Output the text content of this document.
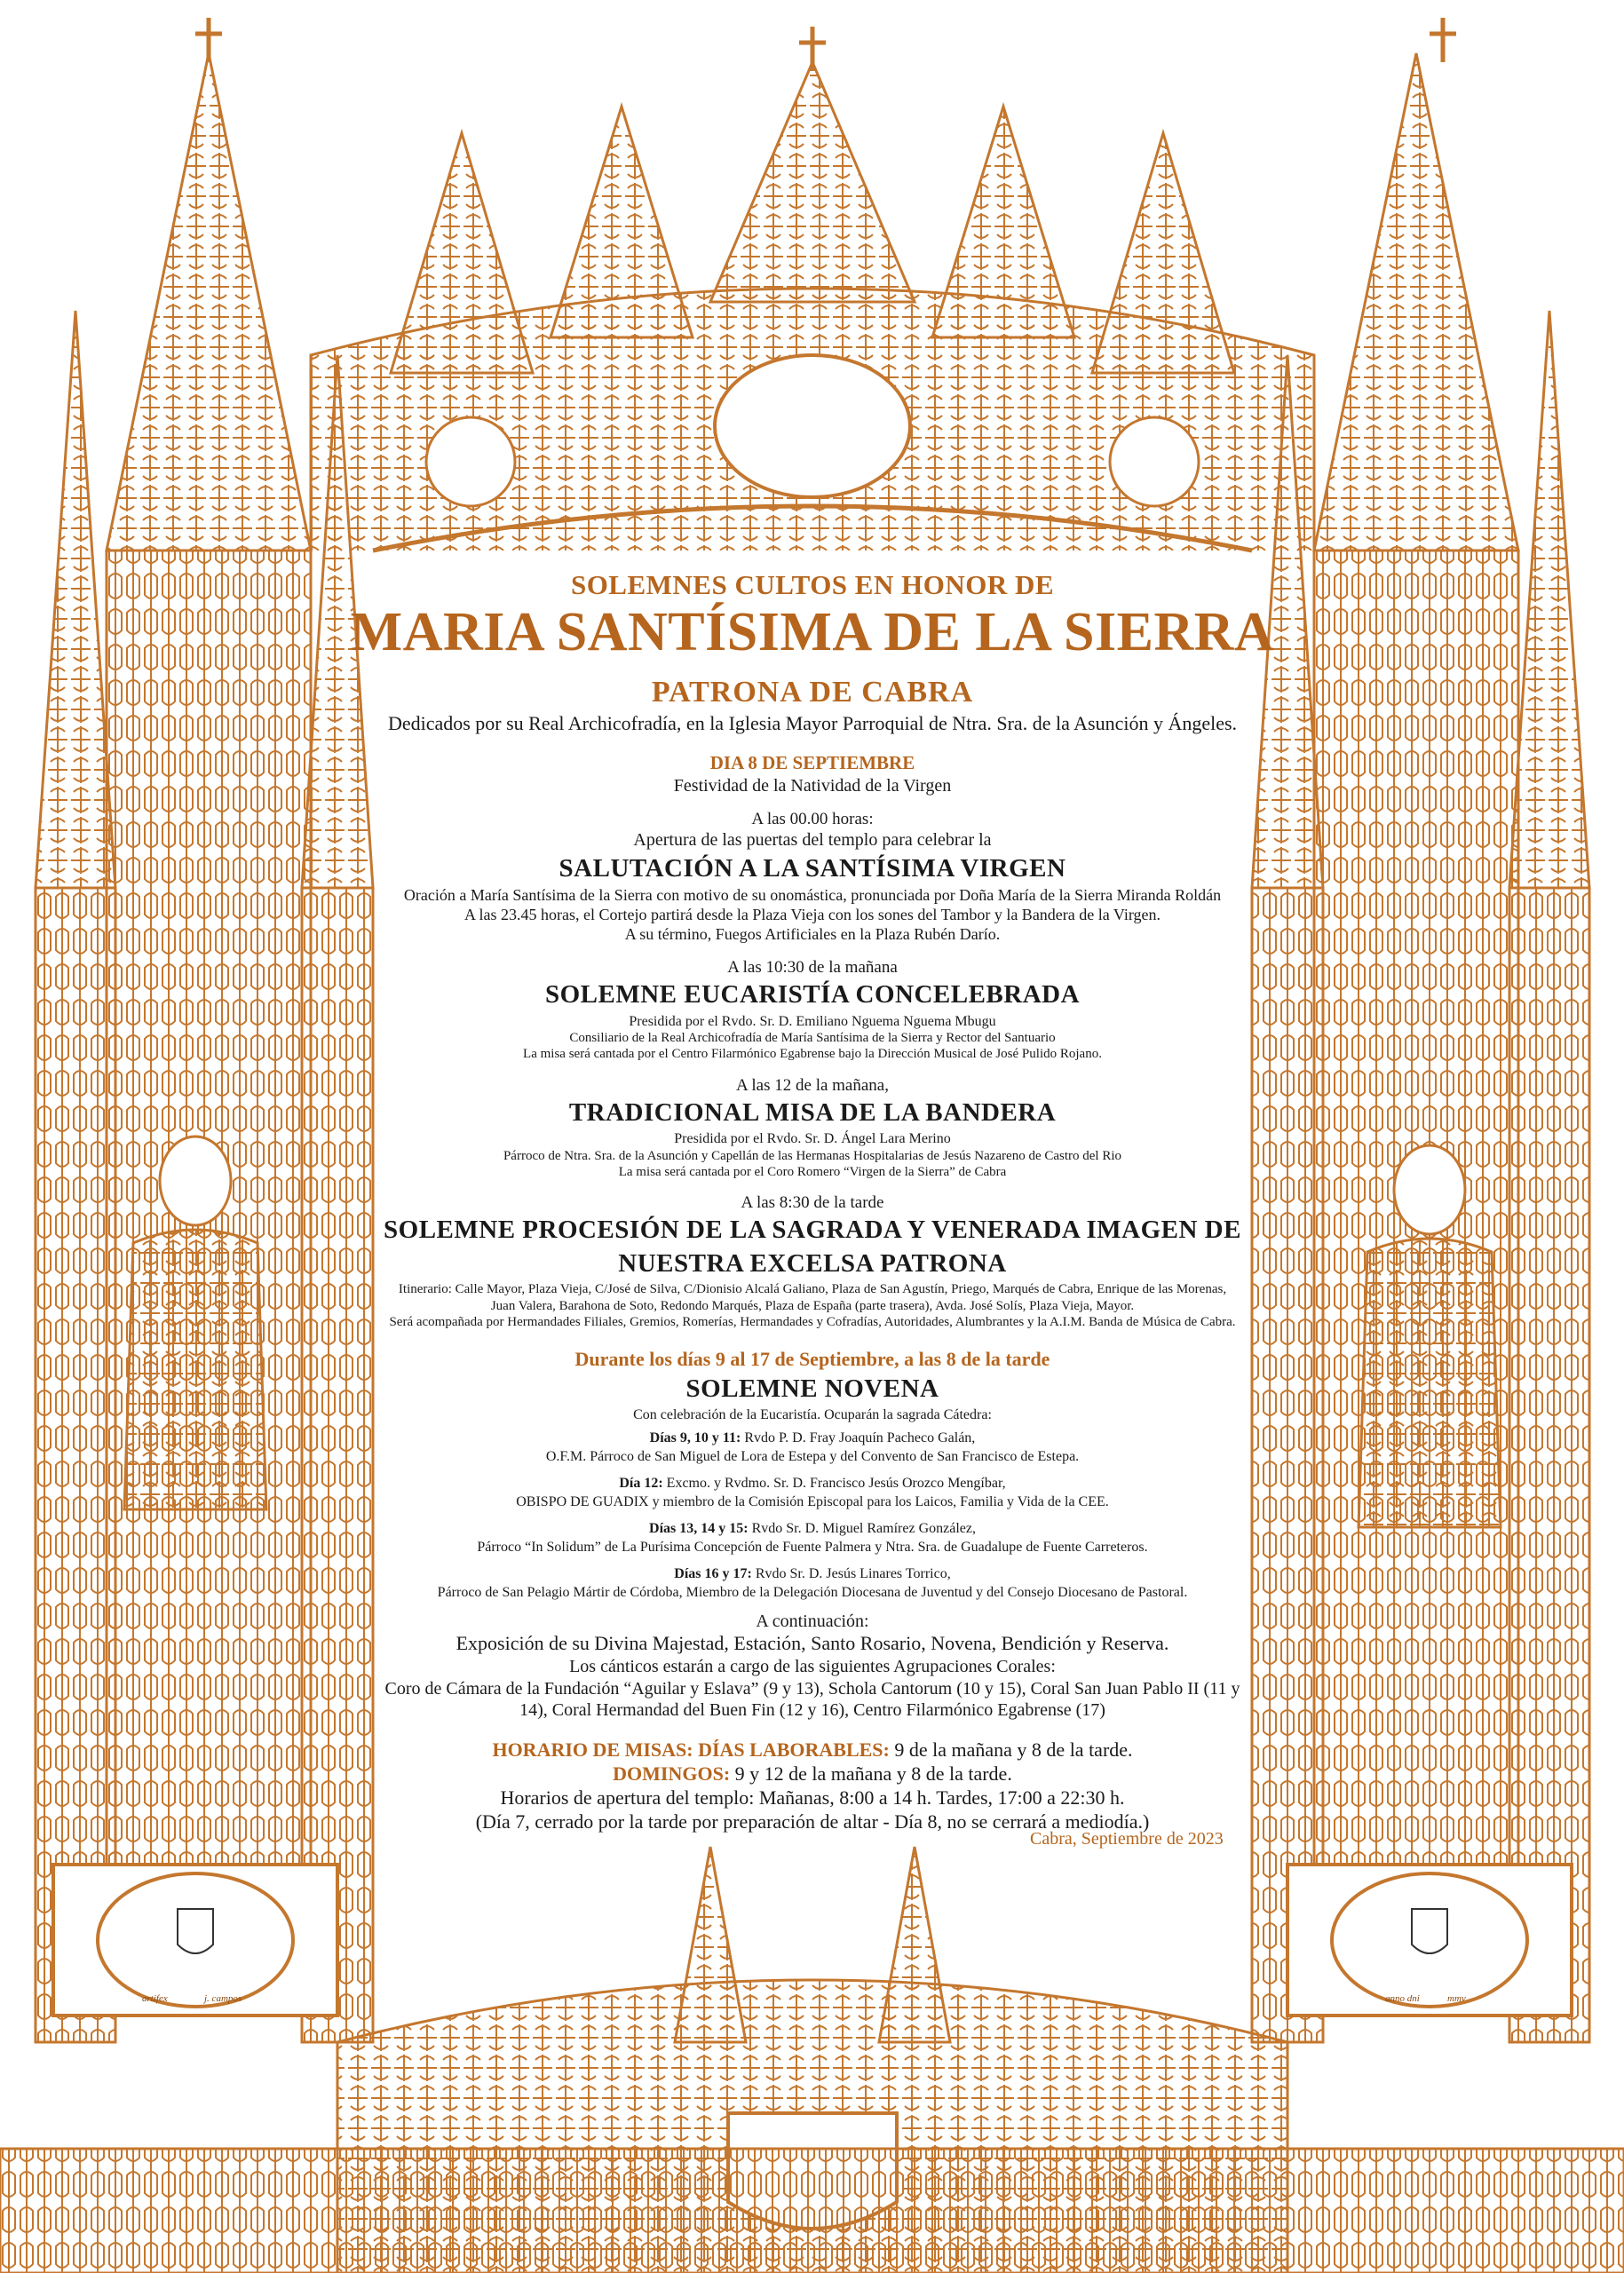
artifex	j. campos	anno dni	mmv

SOLEMNES CULTOS EN HONOR DE

MARIA SANTÍSIMA DE LA SIERRA

PATRONA DE CABRA

Dedicados por su Real Archicofradía, en la Iglesia Mayor Parroquial de Ntra. Sra. de la Asunción y Ángeles.

DIA 8 DE SEPTIEMBRE

Festividad de la Natividad de la Virgen

A las 00.00 horas:

Apertura de las puertas del templo para celebrar la

SALUTACIÓN A LA SANTÍSIMA VIRGEN

Oración a María Santísima de la Sierra con motivo de su onomástica, pronunciada por Doña María de la Sierra Miranda Roldán

A las 23.45 horas, el Cortejo partirá desde la Plaza Vieja con los sones del Tambor y la Bandera de la Virgen.

A su término, Fuegos Artificiales en la Plaza Rubén Darío.

A las 10:30 de la mañana

SOLEMNE EUCARISTÍA CONCELEBRADA

Presidida por el Rvdo. Sr. D. Emiliano Nguema Nguema Mbugu

Consiliario de la Real Archicofradía de María Santísima de la Sierra y Rector del Santuario

La misa será cantada por el Centro Filarmónico Egabrense bajo la Dirección Musical de José Pulido Rojano.

A las 12 de la mañana,

TRADICIONAL MISA DE LA BANDERA

Presidida por el Rvdo. Sr. D. Ángel Lara Merino

Párroco de Ntra. Sra. de la Asunción y Capellán de las Hermanas Hospitalarias de Jesús Nazareno de Castro del Rio

La misa será cantada por el Coro Romero “Virgen de la Sierra” de Cabra

A las 8:30 de la tarde

SOLEMNE PROCESIÓN DE LA SAGRADA Y VENERADA IMAGEN DE

NUESTRA EXCELSA PATRONA

Itinerario: Calle Mayor, Plaza Vieja, C/José de Silva, C/Dionisio Alcalá Galiano, Plaza de San Agustín, Priego, Marqués de Cabra, Enrique de las Morenas,

Juan Valera, Barahona de Soto, Redondo Marqués, Plaza de España (parte trasera), Avda. José Solís, Plaza Vieja, Mayor.

Será acompañada por Hermandades Filiales, Gremios, Romerías, Hermandades y Cofradías, Autoridades, Alumbrantes y la A.I.M. Banda de Música de Cabra.

Durante los días 9 al 17 de Septiembre, a las 8 de la tarde

SOLEMNE NOVENA

Con celebración de la Eucaristía. Ocuparán la sagrada Cátedra:

Días 9, 10 y 11: Rvdo P. D. Fray Joaquín Pacheco Galán,

O.F.M. Párroco de San Miguel de Lora de Estepa y del Convento de San Francisco de Estepa.

Día 12: Excmo. y Rvdmo. Sr. D. Francisco Jesús Orozco Mengíbar,

OBISPO DE GUADIX y miembro de la Comisión Episcopal para los Laicos, Familia y Vida de la CEE.

Días 13, 14 y 15: Rvdo Sr. D. Miguel Ramírez González,

Párroco “In Solidum” de La Purísima Concepción de Fuente Palmera y Ntra. Sra. de Guadalupe de Fuente Carreteros.

Días 16 y 17: Rvdo Sr. D. Jesús Linares Torrico,

Párroco de San Pelagio Mártir de Córdoba, Miembro de la Delegación Diocesana de Juventud y del Consejo Diocesano de Pastoral.

A continuación:

Exposición de su Divina Majestad, Estación, Santo Rosario, Novena, Bendición y Reserva.

Los cánticos estarán a cargo de las siguientes Agrupaciones Corales:

Coro de Cámara de la Fundación “Aguilar y Eslava” (9 y 13), Schola Cantorum (10 y 15), Coral San Juan Pablo II (11 y

14), Coral Hermandad del Buen Fin (12 y 16), Centro Filarmónico Egabrense (17)

HORARIO DE MISAS: DÍAS LABORABLES: 9 de la mañana y 8 de la tarde.

DOMINGOS: 9 y 12 de la mañana y 8 de la tarde.

Horarios de apertura del templo: Mañanas, 8:00 a 14 h. Tardes, 17:00 a 22:30 h.

(Día 7, cerrado por la tarde por preparación de altar - Día 8, no se cerrará a mediodía.)

Cabra, Septiembre de 2023
